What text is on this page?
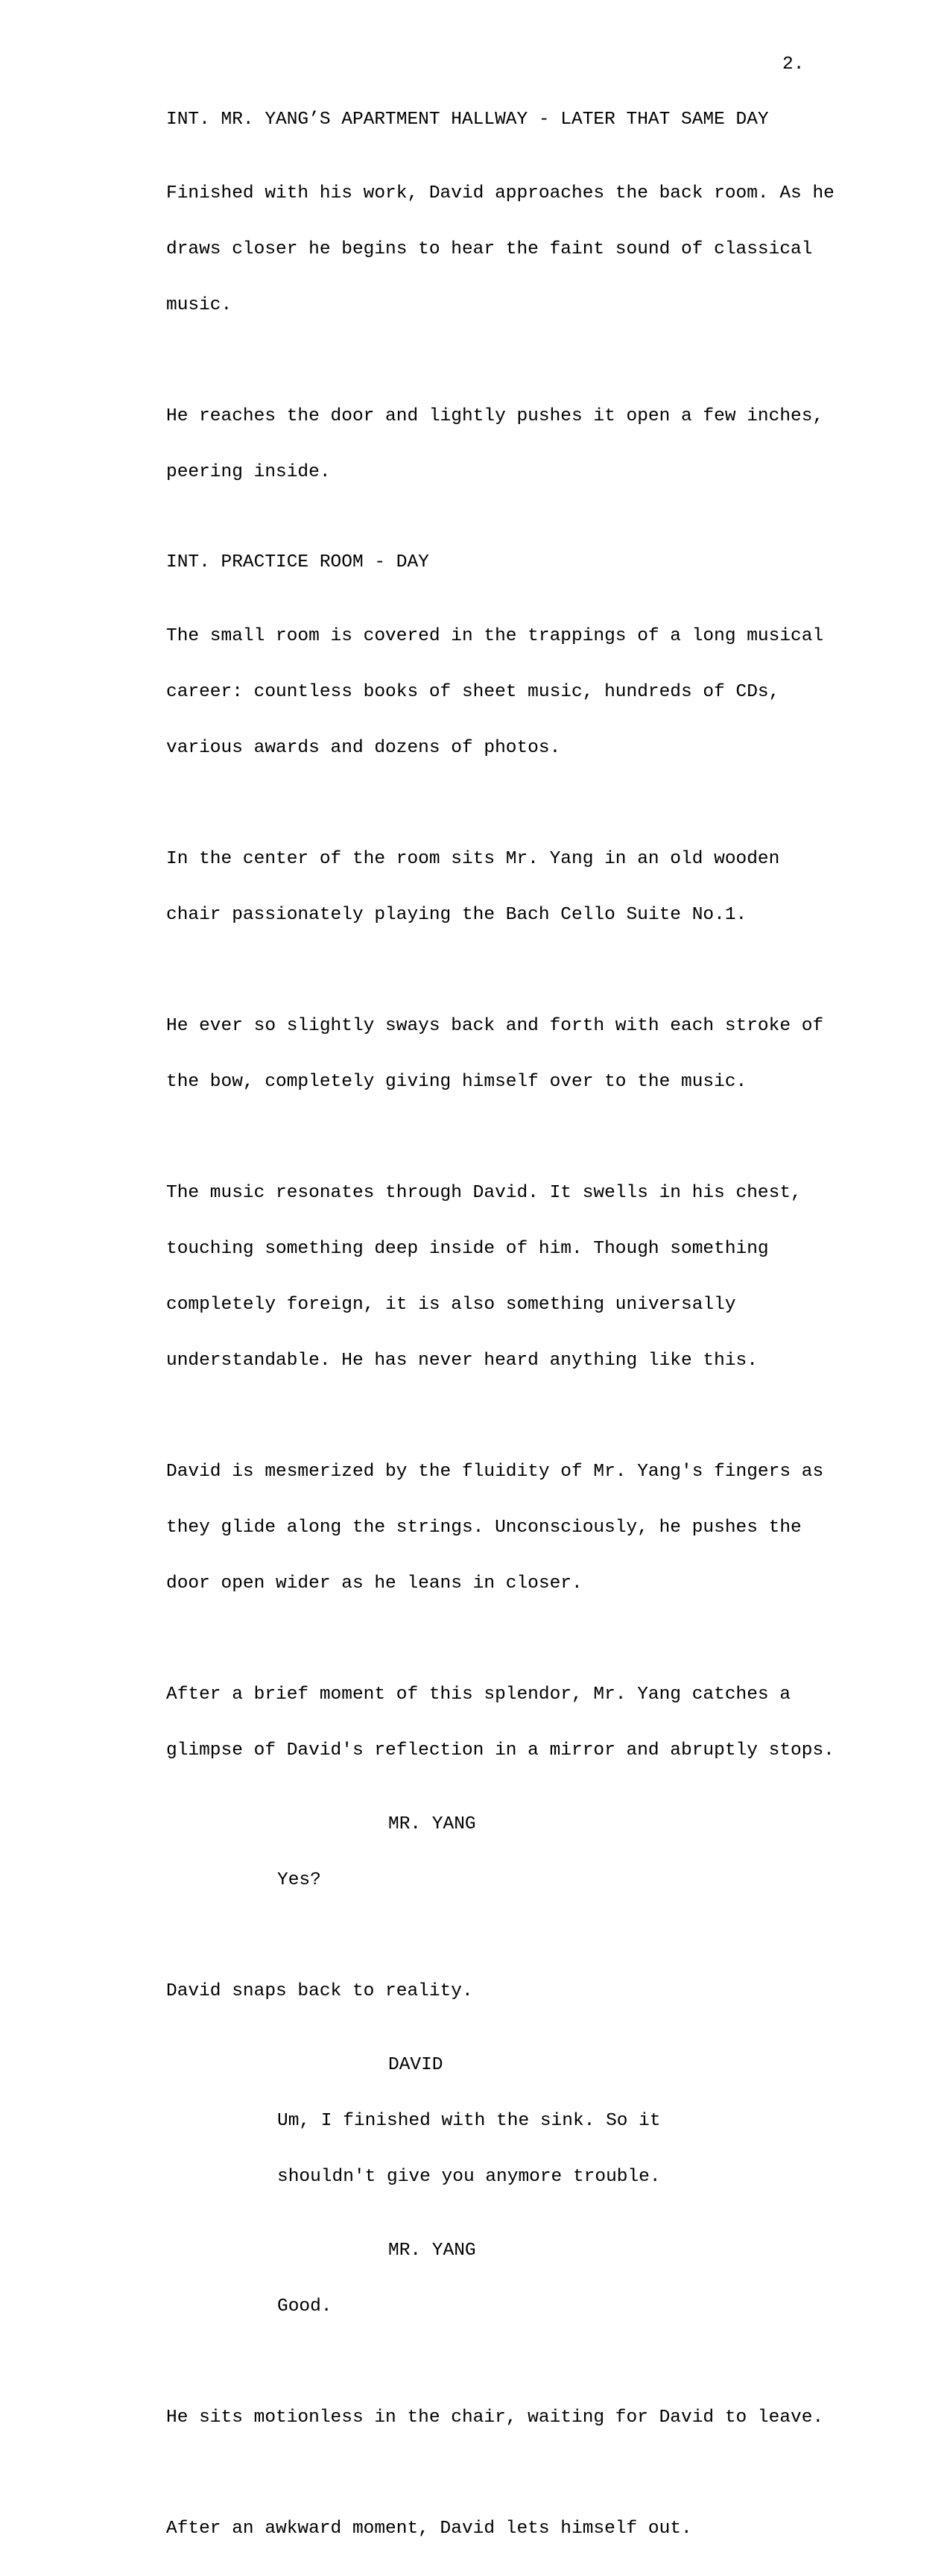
2.

INT. MR. YANG’S APARTMENT HALLWAY - LATER THAT SAME DAY

Finished with his work, David approaches the back room. As he

draws closer he begins to hear the faint sound of classical

music.

He reaches the door and lightly pushes it open a few inches,

peering inside.

INT. PRACTICE ROOM - DAY

The small room is covered in the trappings of a long musical

career: countless books of sheet music, hundreds of CDs,

various awards and dozens of photos.

In the center of the room sits Mr. Yang in an old wooden

chair passionately playing the Bach Cello Suite No.1.

He ever so slightly sways back and forth with each stroke of

the bow, completely giving himself over to the music.

The music resonates through David. It swells in his chest,

touching something deep inside of him. Though something

completely foreign, it is also something universally

understandable. He has never heard anything like this.

David is mesmerized by the fluidity of Mr. Yang's fingers as

they glide along the strings. Unconsciously, he pushes the

door open wider as he leans in closer.

After a brief moment of this splendor, Mr. Yang catches a

glimpse of David's reflection in a mirror and abruptly stops.

MR. YANG

Yes?

David snaps back to reality.

DAVID

Um, I finished with the sink. So it

shouldn't give you anymore trouble.

MR. YANG

Good.

He sits motionless in the chair, waiting for David to leave.

After an awkward moment, David lets himself out.
